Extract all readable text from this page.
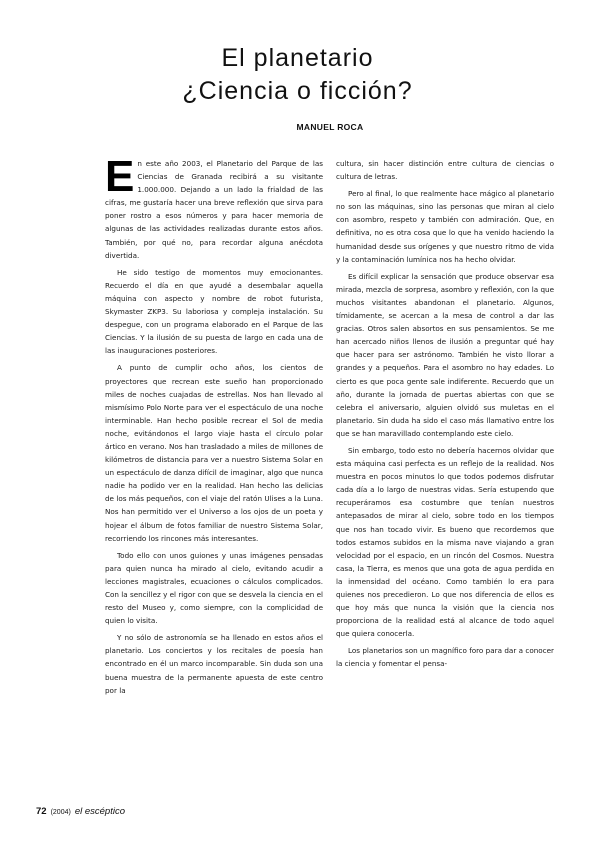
El planetario
¿Ciencia o ficción?
MANUEL ROCA

En este año 2003, el Planetario del Parque de las Ciencias de Granada recibirá a su visitante 1.000.000. Dejando a un lado la frialdad de las cifras, me gustaría hacer una breve reflexión que sirva para poner rostro a esos números y para hacer memoria de algunas de las actividades realizadas durante estos años. También, por qué no, para recordar alguna anécdota divertida.

He sido testigo de momentos muy emocionantes. Recuerdo el día en que ayudé a desembalar aquella máquina con aspecto y nombre de robot futurista, Skymaster ZKP3. Su laboriosa y compleja instalación. Su despegue, con un programa elaborado en el Parque de las Ciencias. Y la ilusión de su puesta de largo en cada una de las inauguraciones posteriores.

A punto de cumplir ocho años, los cientos de proyectores que recrean este sueño han proporcionado miles de noches cuajadas de estrellas. Nos han llevado al mismísimo Polo Norte para ver el espectáculo de una noche interminable. Han hecho posible recrear el Sol de media noche, evitándonos el largo viaje hasta el círculo polar ártico en verano. Nos han trasladado a miles de millones de kilómetros de distancia para ver a nuestro Sistema Solar en un espectáculo de danza difícil de imaginar, algo que nunca nadie ha podido ver en la realidad. Han hecho las delicias de los más pequeños, con el viaje del ratón Ulises a la Luna. Nos han permitido ver el Universo a los ojos de un poeta y hojear el álbum de fotos familiar de nuestro Sistema Solar, recorriendo los rincones más interesantes.

Todo ello con unos guiones y unas imágenes pensadas para quien nunca ha mirado al cielo, evitando acudir a lecciones magistrales, ecuaciones o cálculos complicados. Con la sencillez y el rigor con que se desvela la ciencia en el resto del Museo y, como siempre, con la complicidad de quien lo visita.

Y no sólo de astronomía se ha llenado en estos años el planetario. Los conciertos y los recitales de poesía han encontrado en él un marco incomparable. Sin duda son una buena muestra de la permanente apuesta de este centro por la

cultura, sin hacer distinción entre cultura de ciencias o cultura de letras.

Pero al final, lo que realmente hace mágico al planetario no son las máquinas, sino las personas que miran al cielo con asombro, respeto y también con admiración. Que, en definitiva, no es otra cosa que lo que ha venido haciendo la humanidad desde sus orígenes y que nuestro ritmo de vida y la contaminación lumínica nos ha hecho olvidar.

Es difícil explicar la sensación que produce observar esa mirada, mezcla de sorpresa, asombro y reflexión, con la que muchos visitantes abandonan el planetario. Algunos, tímidamente, se acercan a la mesa de control a dar las gracias. Otros salen absortos en sus pensamientos. Se me han acercado niños llenos de ilusión a preguntar qué hay que hacer para ser astrónomo. También he visto llorar a grandes y a pequeños. Para el asombro no hay edades. Lo cierto es que poca gente sale indiferente. Recuerdo que un año, durante la jornada de puertas abiertas con que se celebra el aniversario, alguien olvidó sus muletas en el planetario. Sin duda ha sido el caso más llamativo entre los que se han maravillado contemplando este cielo.

Sin embargo, todo esto no debería hacernos olvidar que esta máquina casi perfecta es un reflejo de la realidad. Nos muestra en pocos minutos lo que todos podemos disfrutar cada día a lo largo de nuestras vidas. Sería estupendo que recuperáramos esa costumbre que tenían nuestros antepasados de mirar al cielo, sobre todo en los tiempos que nos han tocado vivir. Es bueno que recordemos que todos estamos subidos en la misma nave viajando a gran velocidad por el espacio, en un rincón del Cosmos. Nuestra casa, la Tierra, es menos que una gota de agua perdida en la inmensidad del océano. Como también lo era para quienes nos precedieron. Lo que nos diferencia de ellos es que hoy más que nunca la visión que la ciencia nos proporciona de la realidad está al alcance de todo aquel que quiera conocerla.

Los planetarios son un magnífico foro para dar a conocer la ciencia y fomentar el pensa-

72 (2004) el escéptico
